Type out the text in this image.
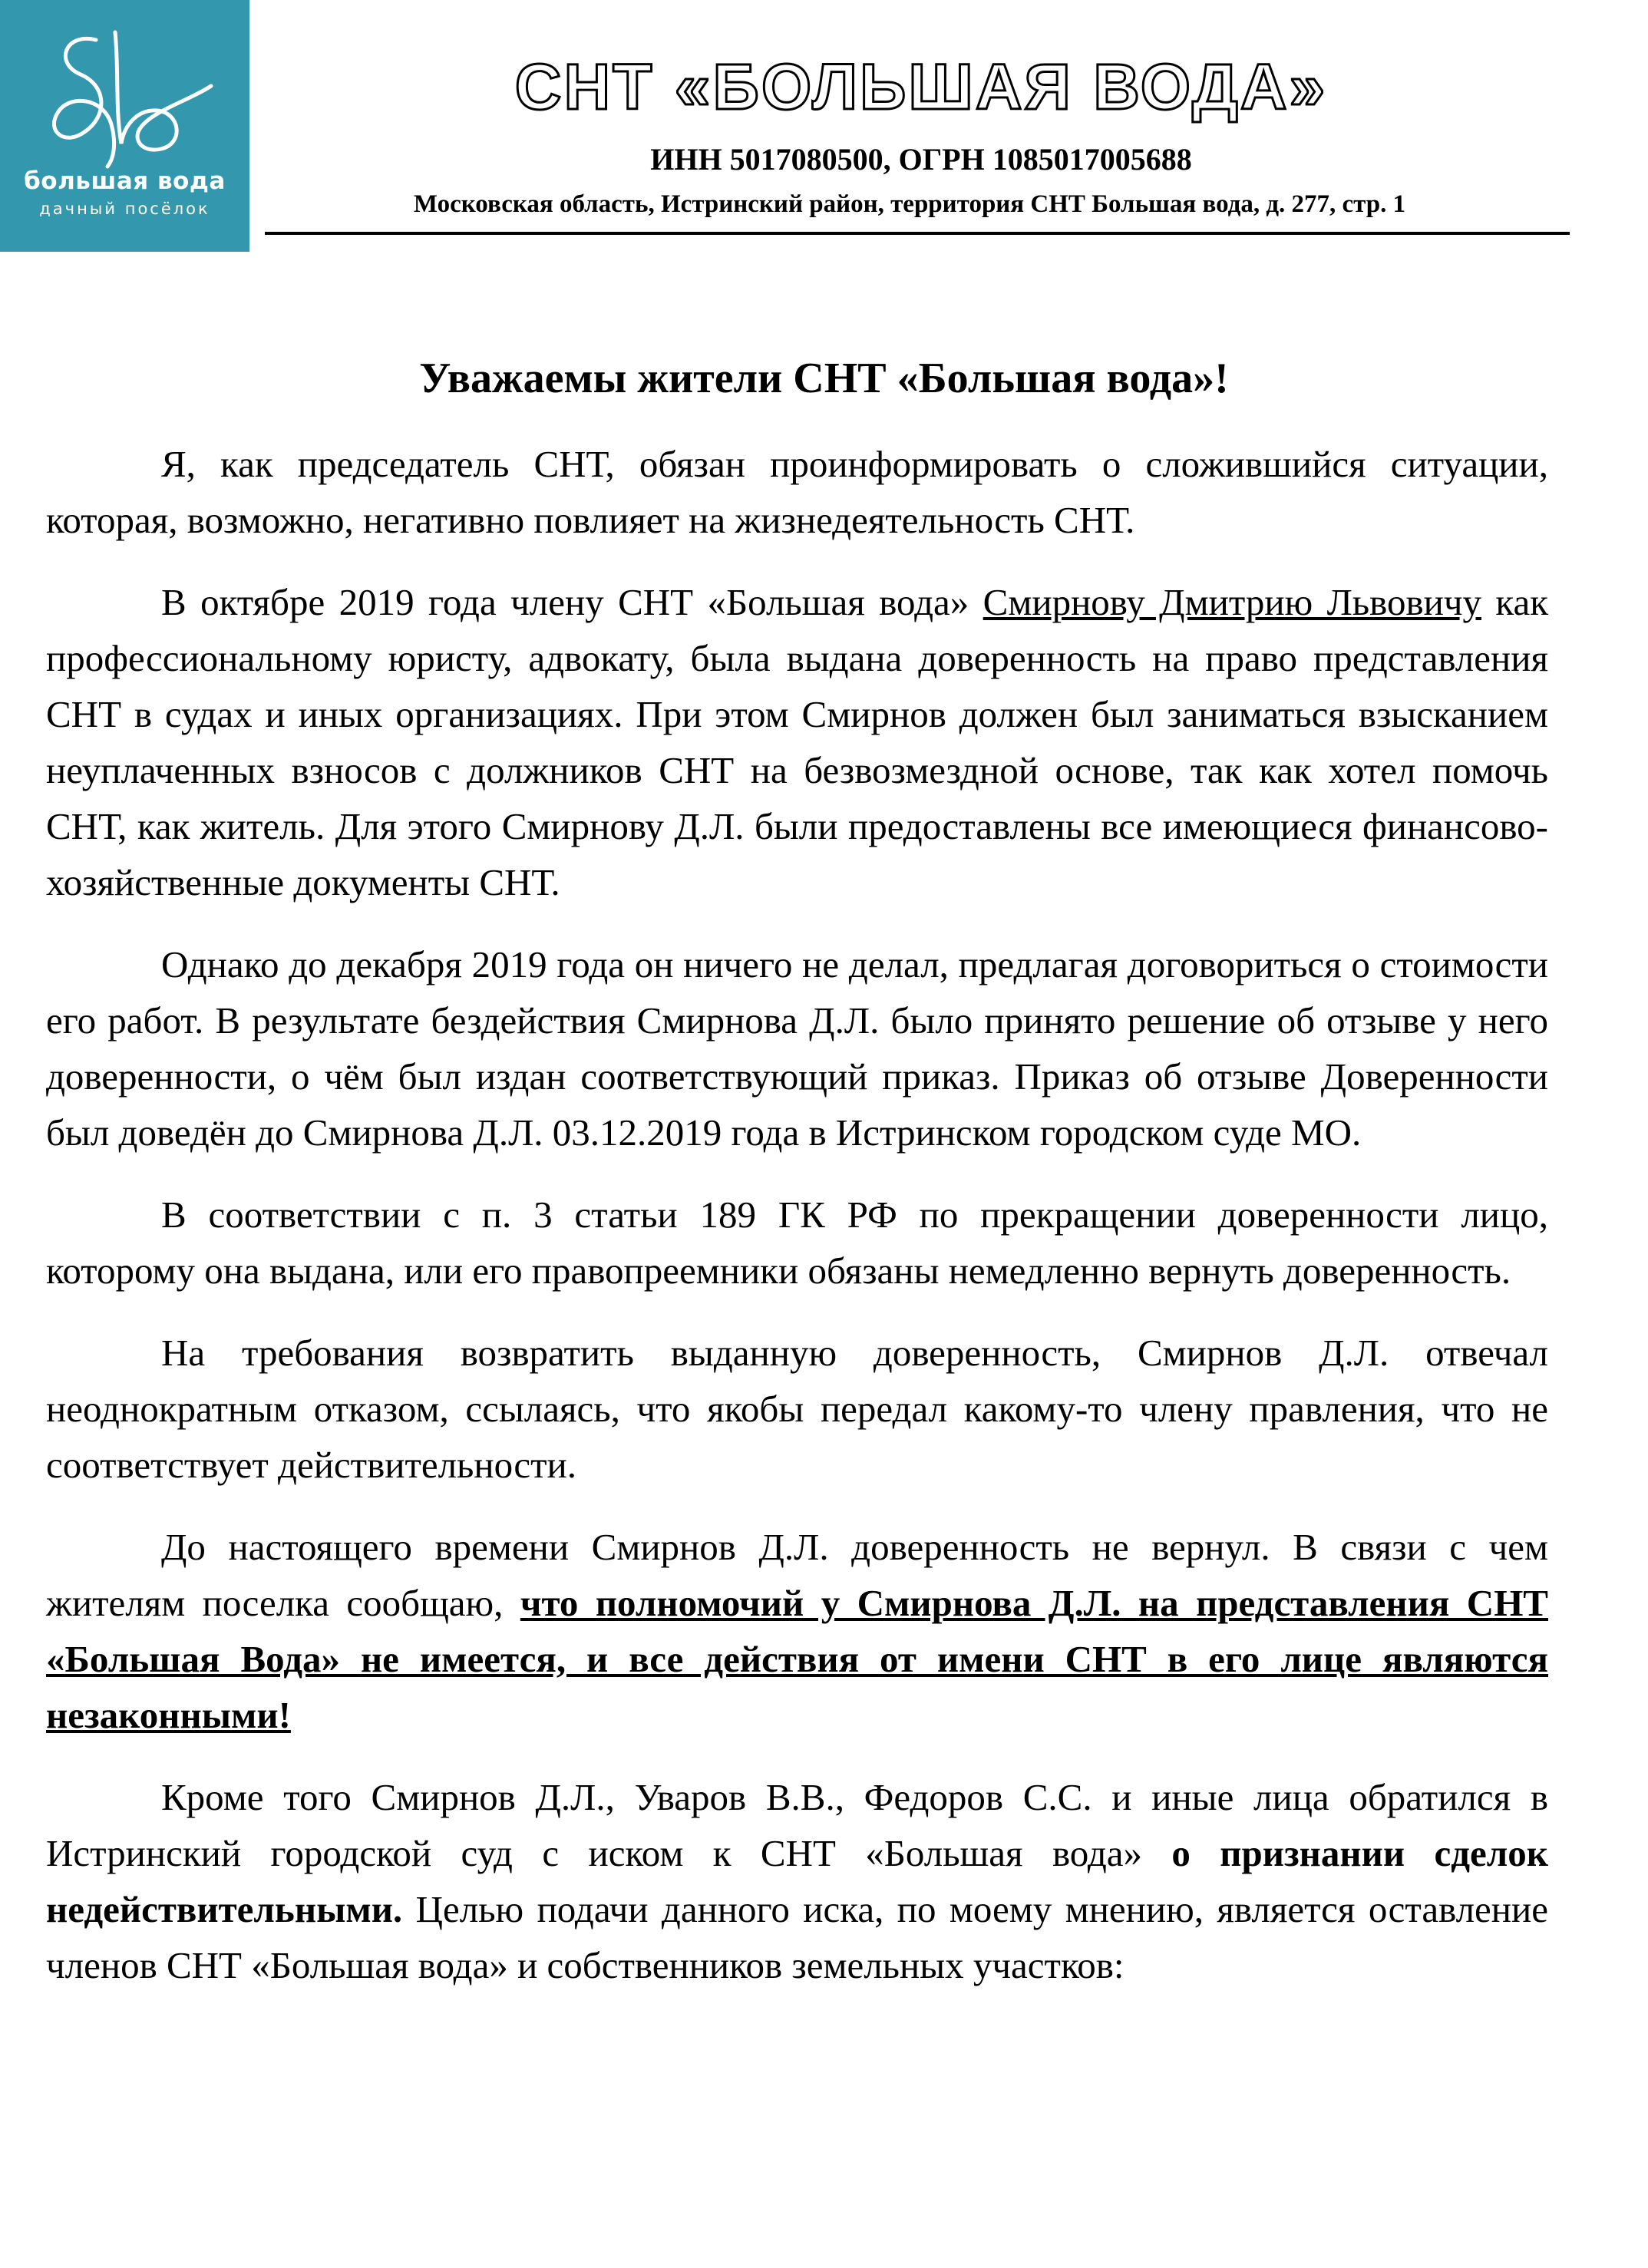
большая вода
дачный посёлок
СНТ «БОЛЬШАЯ ВОДА»
ИНН 5017080500, ОГРН 1085017005688
Московская область, Истринский район, территория СНТ Большая вода, д. 277, стр. 1
Уважаемы жители СНТ «Большая вода»!

Я, как председатель СНТ, обязан проинформировать о сложившийся ситуации, которая, возможно, негативно повлияет на жизнедеятельность СНТ.

В октябре 2019 года члену СНТ «Большая вода» Смирнову Дмитрию Львовичу как профессиональному юристу, адвокату, была выдана доверенность на право представления СНТ в судах и иных организациях. При этом Смирнов должен был заниматься взысканием неуплаченных взносов с должников СНТ на безвозмездной основе, так как хотел помочь СНТ, как житель. Для этого Смирнову Д.Л. были предоставлены все имеющиеся финансово-хозяйственные документы СНТ.

Однако до декабря 2019 года он ничего не делал, предлагая договориться о стоимости его работ. В результате бездействия Смирнова Д.Л. было принято решение об отзыве у него доверенности, о чём был издан соответствующий приказ. Приказ об отзыве Доверенности был доведён до Смирнова Д.Л. 03.12.2019 года в Истринском городском суде МО.

В соответствии с п. 3 статьи 189 ГК РФ по прекращении доверенности лицо, которому она выдана, или его правопреемники обязаны немедленно вернуть доверенность.

На требования возвратить выданную доверенность, Смирнов Д.Л. отвечал неоднократным отказом, ссылаясь, что якобы передал какому-то члену правления, что не соответствует действительности.

До настоящего времени Смирнов Д.Л. доверенность не вернул. В связи с чем жителям поселка сообщаю, что полномочий у Смирнова Д.Л. на представления СНТ «Большая Вода» не имеется, и все действия от имени СНТ в его лице являются незаконными!

Кроме того Смирнов Д.Л., Уваров В.В., Федоров С.С. и иные лица обратился в Истринский городской суд с иском к СНТ «Большая вода» о признании сделок недействительными. Целью подачи данного иска, по моему мнению, является оставление членов СНТ «Большая вода» и собственников земельных участков:
